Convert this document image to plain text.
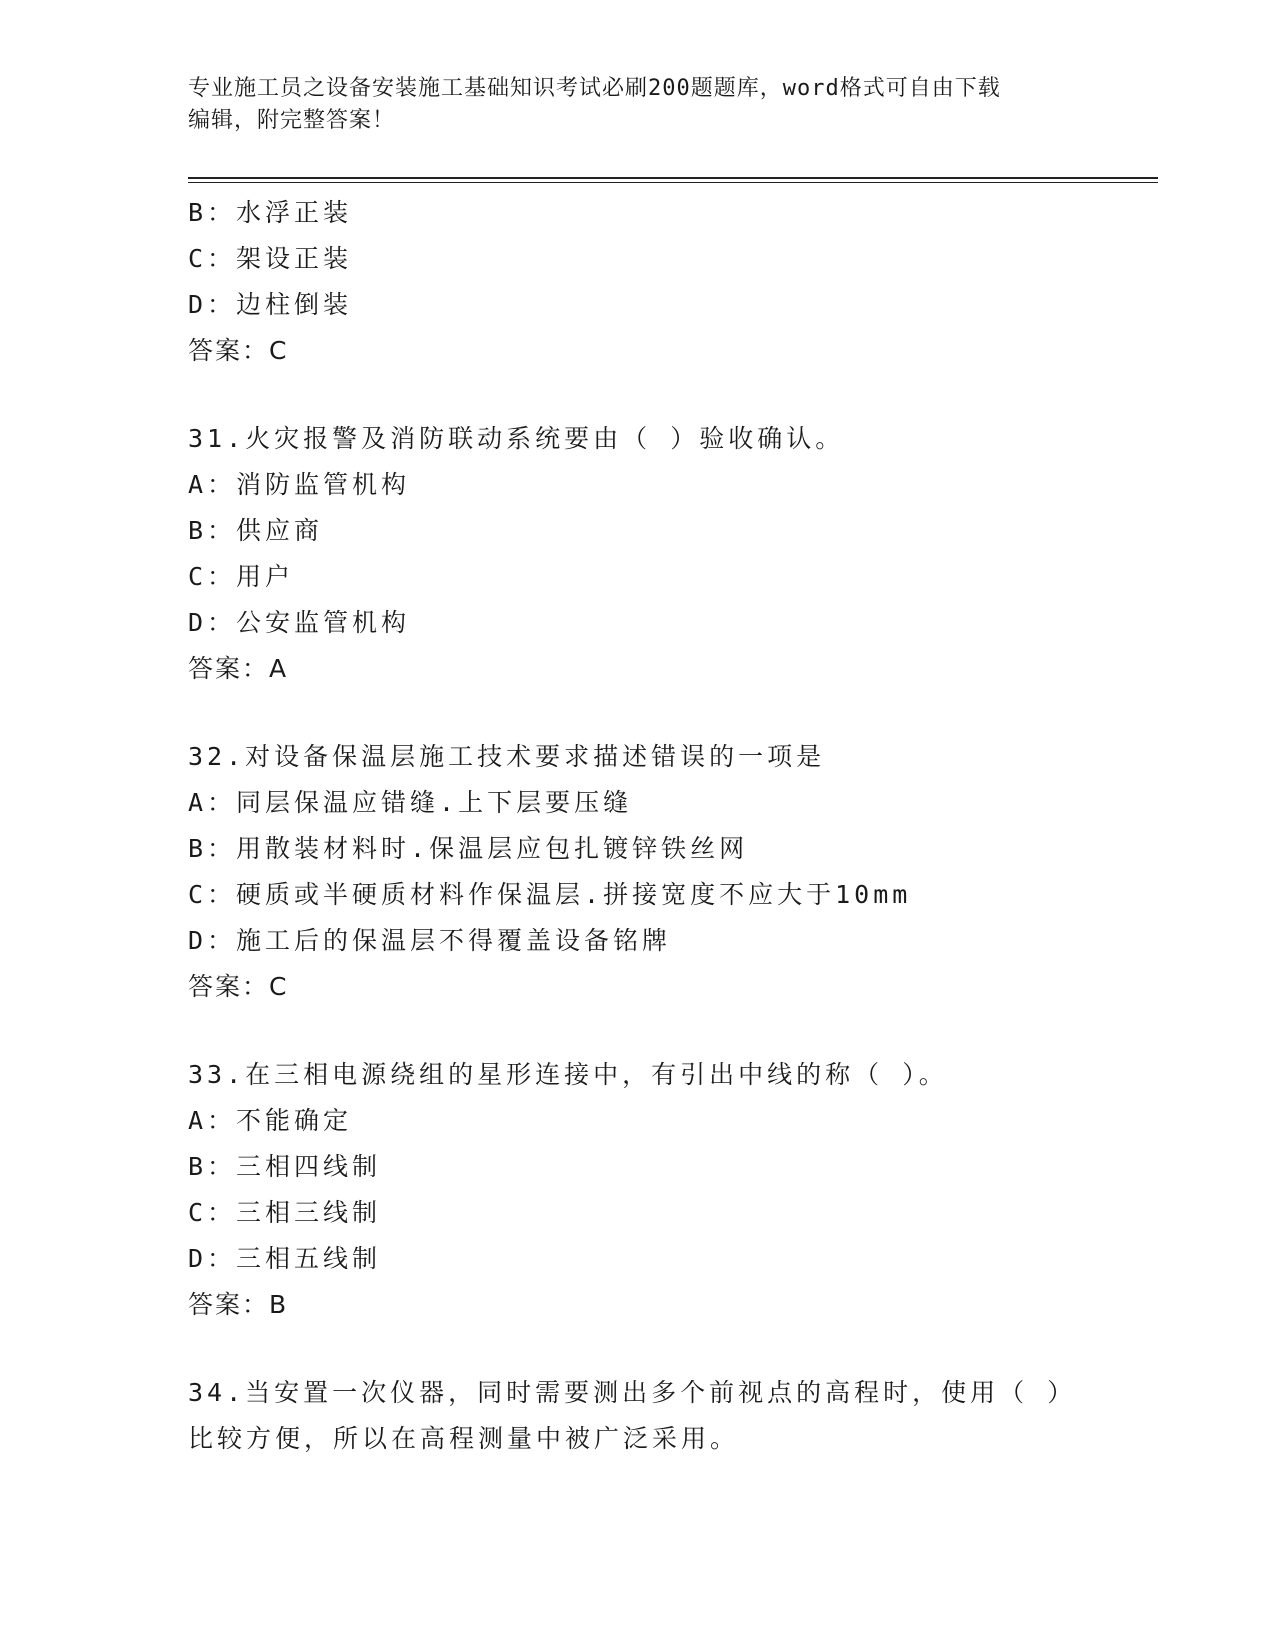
专业施工员之设备安装施工基础知识考试必刷200题题库，word格式可自由下载
编辑，附完整答案！
B：水浮正装
C：架设正装
D：边柱倒装
答案：C
31.火灾报警及消防联动系统要由（ ）验收确认。
A：消防监管机构
B：供应商
C：用户
D：公安监管机构
答案：A
32.对设备保温层施工技术要求描述错误的一项是
A：同层保温应错缝.上下层要压缝
B：用散装材料时.保温层应包扎镀锌铁丝网
C：硬质或半硬质材料作保温层.拼接宽度不应大于10mm
D：施工后的保温层不得覆盖设备铭牌
答案：C
33.在三相电源绕组的星形连接中，有引出中线的称（ ）。
A：不能确定
B：三相四线制
C：三相三线制
D：三相五线制
答案：B
34.当安置一次仪器，同时需要测出多个前视点的高程时，使用（ ）
比较方便，所以在高程测量中被广泛采用。
